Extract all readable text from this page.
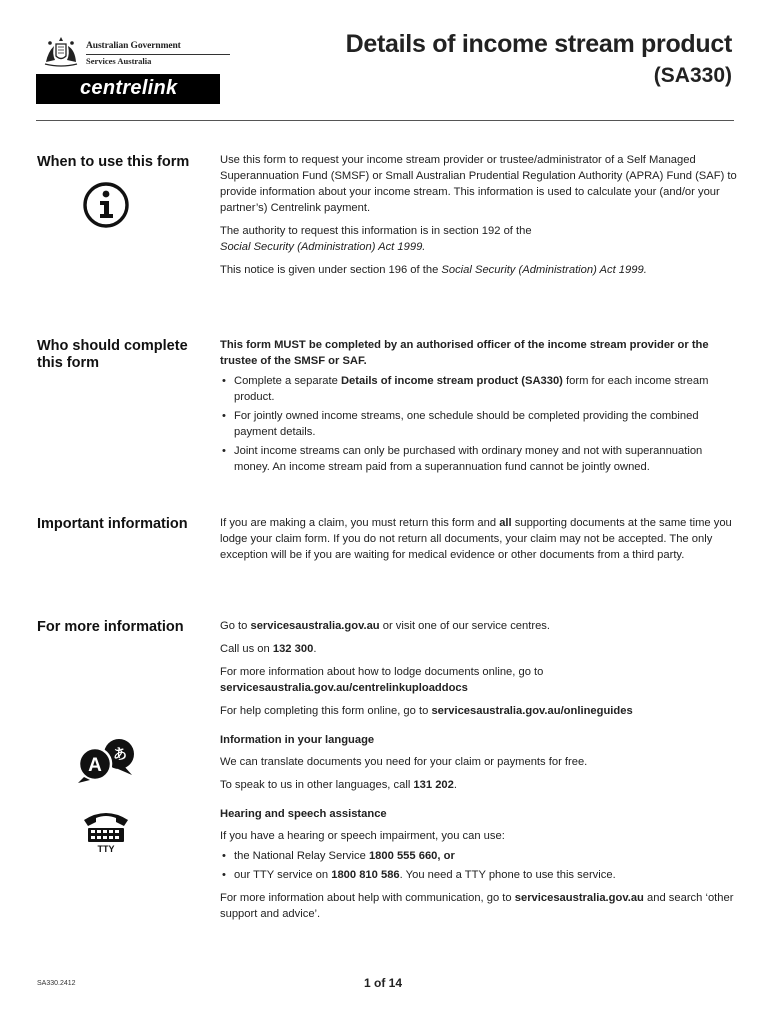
Australian Government
Services Australia
centrelink
Details of income stream product
(SA330)
When to use this form	Use this form to request your income stream provider or trustee/administrator of a Self Managed Superannuation Fund (SMSF) or Small Australian Prudential Regulation Authority (APRA) Fund (SAF) to provide information about your income stream. This information is used to calculate your (and/or your partner’s) Centrelink payment.

The authority to request this information is in section 192 of the
Social Security (Administration) Act 1999.

This notice is given under section 196 of the Social Security (Administration) Act 1999.

Who should complete this form

This form MUST be completed by an authorised officer of the income stream provider or the trustee of the SMSF or SAF.

• Complete a separate Details of income stream product (SA330) form for each income stream product.
• For jointly owned income streams, one schedule should be completed providing the combined payment details.
• Joint income streams can only be purchased with ordinary money and not with superannuation money. An income stream paid from a superannuation fund cannot be jointly owned.
Important information	If you are making a claim, you must return this form and all supporting documents at the same time you lodge your claim form. If you do not return all documents, your claim may not be accepted. The only exception will be if you are waiting for medical evidence or other documents from a third party.

For more information	Go to servicesaustralia.gov.au or visit one of our service centres.

Call us on 132 300.

For more information about how to lodge documents online, go to
servicesaustralia.gov.au/centrelinkuploaddocs

For help completing this form online, go to servicesaustralia.gov.au/onlineguides

A あ
Information in your language

We can translate documents you need for your claim or payments for free.

To speak to us in other languages, call 131 202.

TTY
Hearing and speech assistance

If you have a hearing or speech impairment, you can use:

• the National Relay Service 1800 555 660, or
• our TTY service on 1800 810 586. You need a TTY phone to use this service.

For more information about help with communication, go to servicesaustralia.gov.au and search ‘other support and advice’.

SA330.2412	1 of 14
